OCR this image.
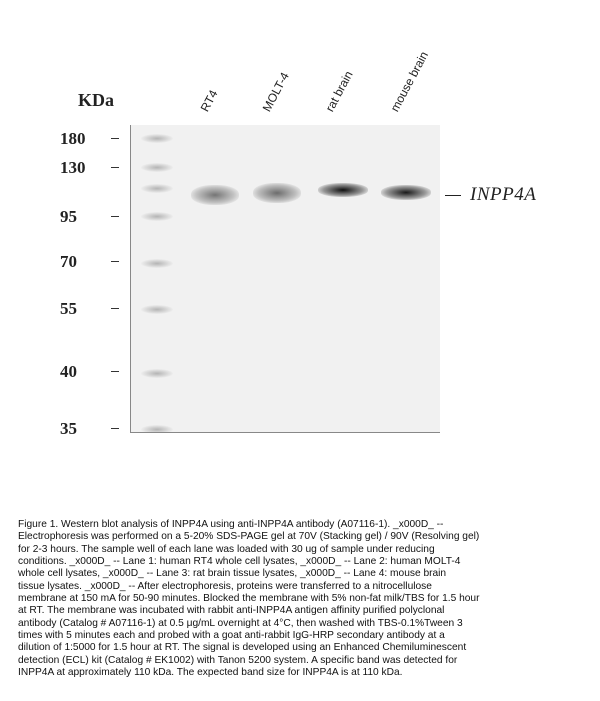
KDa
180
130
95
70
55
40
35
RT4	MOLT-4	rat brain	mouse brain
INPP4A
Figure 1. Western blot analysis of INPP4A using anti-INPP4A antibody (A07116-1). _x000D_ --
Electrophoresis was performed on a 5-20% SDS-PAGE gel at 70V (Stacking gel) / 90V (Resolving gel)
for 2-3 hours. The sample well of each lane was loaded with 30 ug of sample under reducing
conditions. _x000D_ -- Lane 1: human RT4 whole cell lysates, _x000D_ -- Lane 2: human MOLT-4
whole cell lysates, _x000D_ -- Lane 3: rat brain tissue lysates, _x000D_ -- Lane 4: mouse brain
tissue lysates. _x000D_ -- After electrophoresis, proteins were transferred to a nitrocellulose
membrane at 150 mA for 50-90 minutes. Blocked the membrane with 5% non-fat milk/TBS for 1.5 hour
at RT. The membrane was incubated with rabbit anti-INPP4A antigen affinity purified polyclonal
antibody (Catalog # A07116-1) at 0.5 μg/mL overnight at 4°C, then washed with TBS-0.1%Tween 3
times with 5 minutes each and probed with a goat anti-rabbit IgG-HRP secondary antibody at a
dilution of 1:5000 for 1.5 hour at RT. The signal is developed using an Enhanced Chemiluminescent
detection (ECL) kit (Catalog # EK1002) with Tanon 5200 system. A specific band was detected for
INPP4A at approximately 110 kDa. The expected band size for INPP4A is at 110 kDa.
